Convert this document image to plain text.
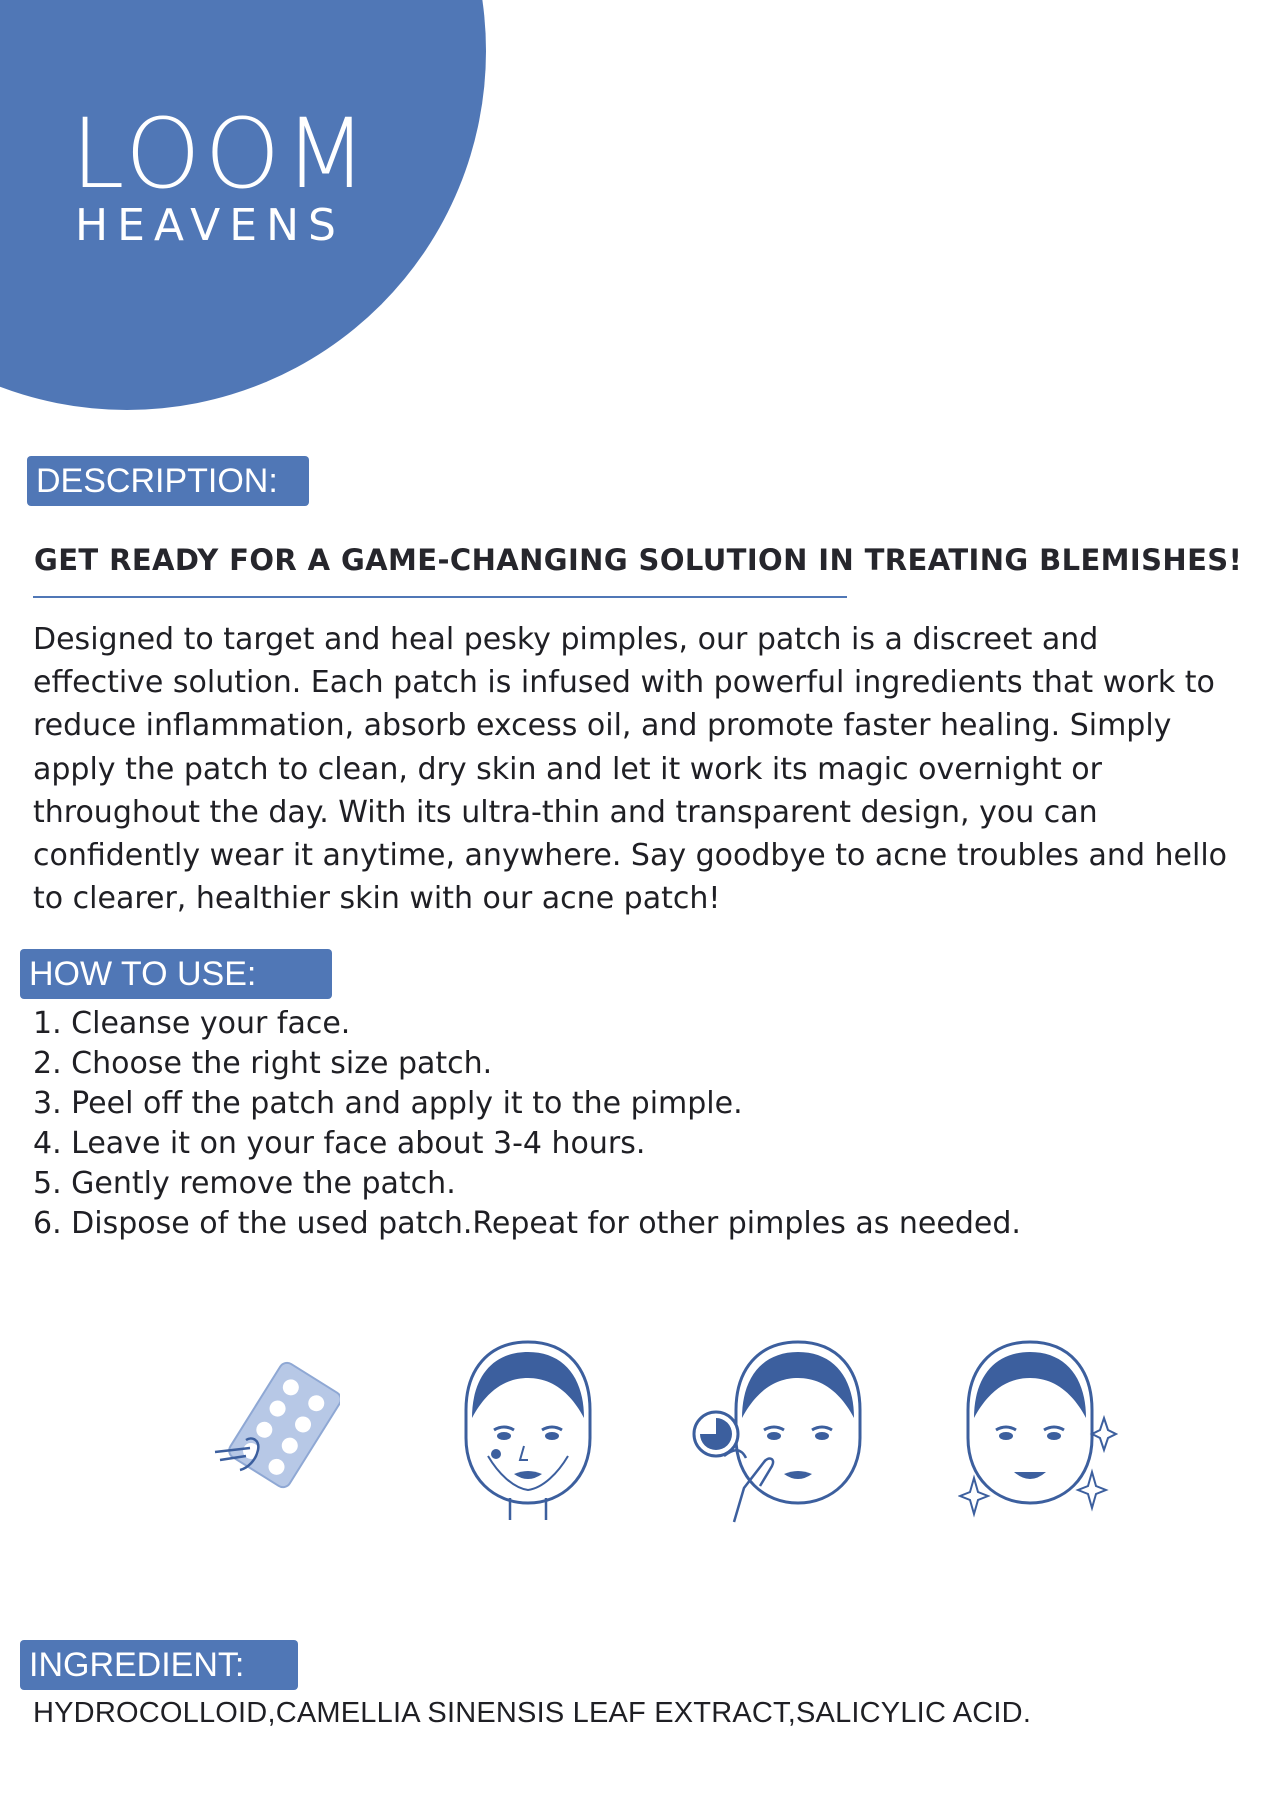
LOOM
HEAVENS
DESCRIPTION:
GET READY FOR A GAME-CHANGING SOLUTION IN TREATING BLEMISHES!

Designed to target and heal pesky pimples, our patch is a discreet and
effective solution. Each patch is infused with powerful ingredients that work to
reduce inflammation, absorb excess oil, and promote faster healing. Simply
apply the patch to clean, dry skin and let it work its magic overnight or
throughout the day. With its ultra-thin and transparent design, you can
confidently wear it anytime, anywhere. Say goodbye to acne troubles and hello
to clearer, healthier skin with our acne patch!

HOW TO USE:
1. Cleanse your face.
2. Choose the right size patch.
3. Peel off the patch and apply it to the pimple.
4. Leave it on your face about 3-4 hours.
5. Gently remove the patch.
6. Dispose of the used patch.Repeat for other pimples as needed.
INGREDIENT:
HYDROCOLLOID,CAMELLIA SINENSIS LEAF EXTRACT,SALICYLIC ACID.
